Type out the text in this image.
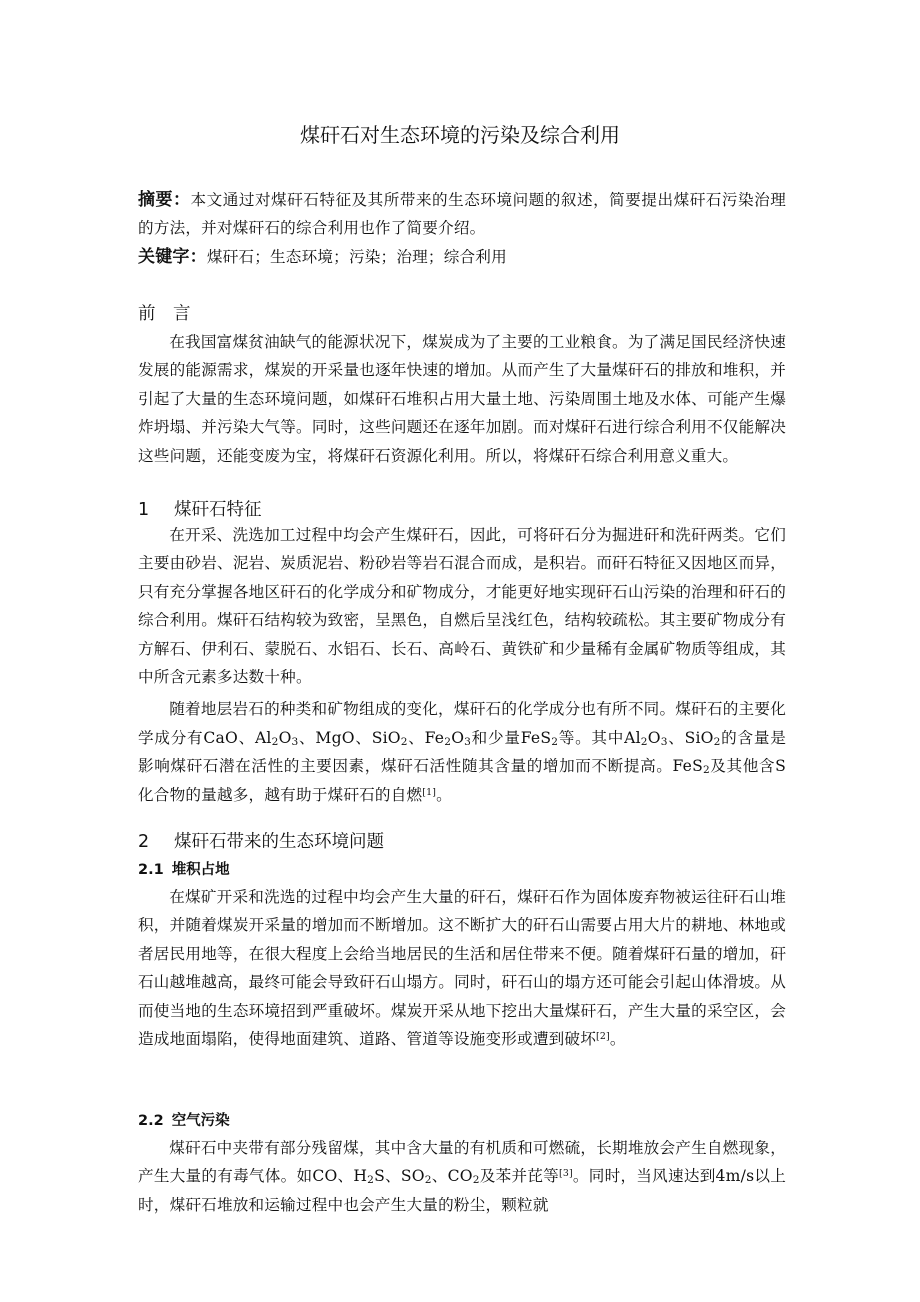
煤矸石对生态环境的污染及综合利用

摘要：本文通过对煤矸石特征及其所带来的生态环境问题的叙述，简要提出煤矸石污染治理的方法，并对煤矸石的综合利用也作了简要介绍。

关键字：煤矸石；生态环境；污染；治理；综合利用

前　言

在我国富煤贫油缺气的能源状况下，煤炭成为了主要的工业粮食。为了满足国民经济快速发展的能源需求，煤炭的开采量也逐年快速的增加。从而产生了大量煤矸石的排放和堆积，并引起了大量的生态环境问题，如煤矸石堆积占用大量土地、污染周围土地及水体、可能产生爆炸坍塌、并污染大气等。同时，这些问题还在逐年加剧。而对煤矸石进行综合利用不仅能解决这些问题，还能变废为宝，将煤矸石资源化利用。所以，将煤矸石综合利用意义重大。

1 煤矸石特征

在开采、洗选加工过程中均会产生煤矸石，因此，可将矸石分为掘进矸和洗矸两类。它们主要由砂岩、泥岩、炭质泥岩、粉砂岩等岩石混合而成，是积岩。而矸石特征又因地区而异，只有充分掌握各地区矸石的化学成分和矿物成分，才能更好地实现矸石山污染的治理和矸石的综合利用。煤矸石结构较为致密，呈黑色，自燃后呈浅红色，结构较疏松。其主要矿物成分有方解石、伊利石、蒙脱石、水铝石、长石、高岭石、黄铁矿和少量稀有金属矿物质等组成，其中所含元素多达数十种。

随着地层岩石的种类和矿物组成的变化，煤矸石的化学成分也有所不同。煤矸石的主要化学成分有CaO、$Al_2O_3$、MgO、SiO$_2$、$Fe_2O_3$和少量FeS$_2$等。其中$Al_2O_3$、SiO$_2$的含量是影响煤矸石潜在活性的主要因素，煤矸石活性随其含量的增加而不断提高。FeS$_2$及其他含S化合物的量越多，越有助于煤矸石的自燃[1]。

2 煤矸石带来的生态环境问题
2.1 堆积占地

在煤矿开采和洗选的过程中均会产生大量的矸石，煤矸石作为固体废弃物被运往矸石山堆积，并随着煤炭开采量的增加而不断增加。这不断扩大的矸石山需要占用大片的耕地、林地或者居民用地等，在很大程度上会给当地居民的生活和居住带来不便。随着煤矸石量的增加，矸石山越堆越高，最终可能会导致矸石山塌方。同时，矸石山的塌方还可能会引起山体滑坡。从而使当地的生态环境招到严重破坏。煤炭开采从地下挖出大量煤矸石，产生大量的采空区，会造成地面塌陷，使得地面建筑、道路、管道等设施变形或遭到破坏[2]。

2.2 空气污染

煤矸石中夹带有部分残留煤，其中含大量的有机质和可燃硫，长期堆放会产生自燃现象，产生大量的有毒气体。如CO、$H_2S$、$SO_2$、$CO_2$及苯并芘等[3]。同时，当风速达到4m/s以上时，煤矸石堆放和运输过程中也会产生大量的粉尘，颗粒就
